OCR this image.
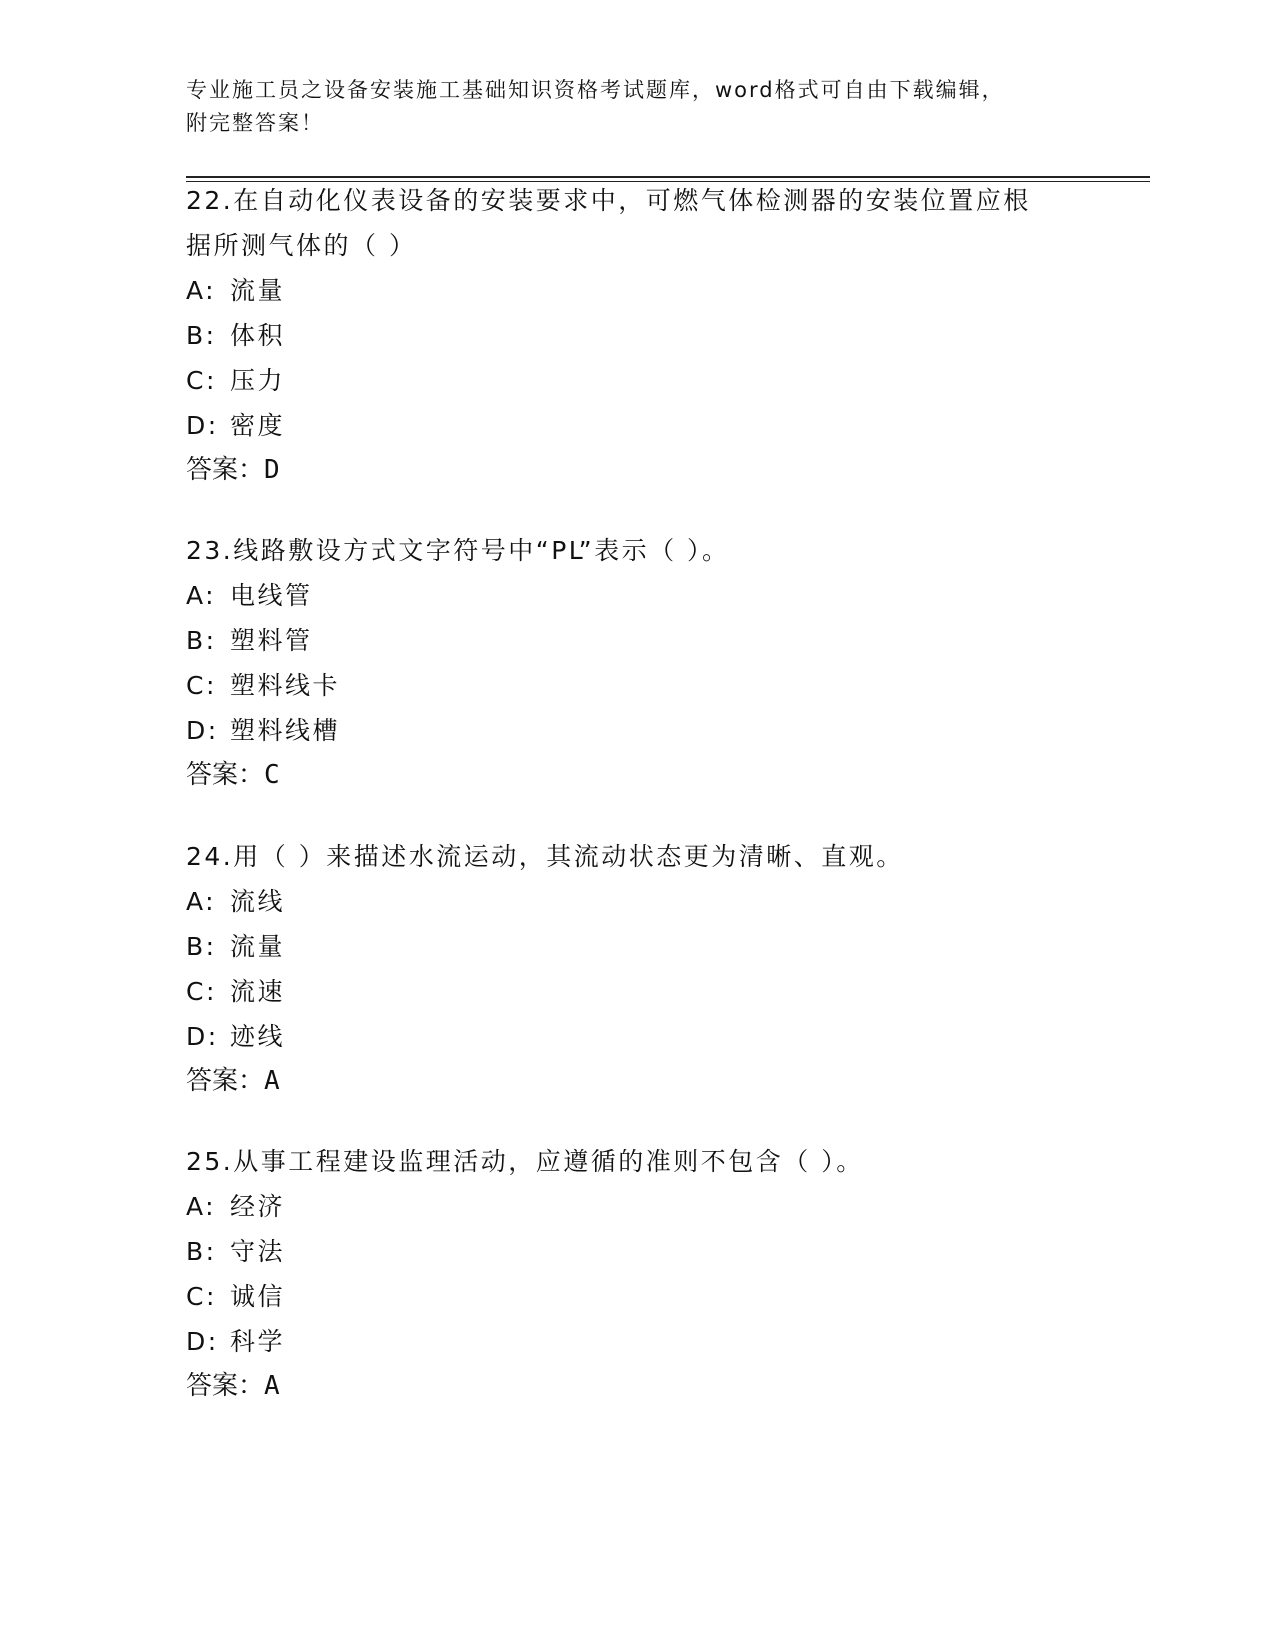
专业施工员之设备安装施工基础知识资格考试题库，word格式可自由下载编辑，
附完整答案！

22.在自动化仪表设备的安装要求中，可燃气体检测器的安装位置应根

据所测气体的（ ）

A: 流量

B: 体积

C: 压力

D: 密度

答案：D

23.线路敷设方式文字符号中“PL”表示（ ）。

A: 电线管

B: 塑料管

C: 塑料线卡

D: 塑料线槽

答案：C

24.用（ ）来描述水流运动，其流动状态更为清晰、直观。

A: 流线

B: 流量

C: 流速

D: 迹线

答案：A

25.从事工程建设监理活动，应遵循的准则不包含（ ）。

A: 经济

B: 守法

C: 诚信

D: 科学

答案：A
